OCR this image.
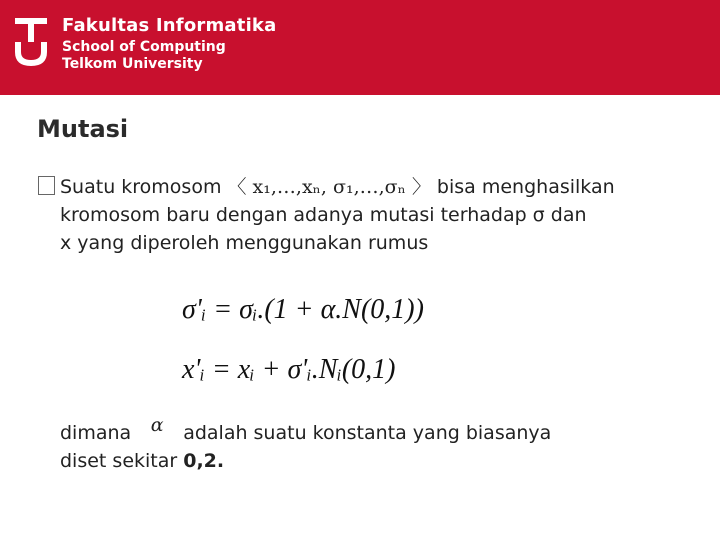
Fakultas Informatika
School of Computing
Telkom University
Mutasi
Suatu kromosom 〈 x₁,…,xₙ, σ₁,…,σₙ 〉 bisa menghasilkan
kromosom baru dengan adanya mutasi terhadap σ dan
x yang diperoleh menggunakan rumus
σ'ᵢ = σᵢ.(1 + α.N(0,1))
x'ᵢ = xᵢ + σ'ᵢ.Nᵢ(0,1)
dimana α adalah suatu konstanta yang biasanya
diset sekitar 0,2.
